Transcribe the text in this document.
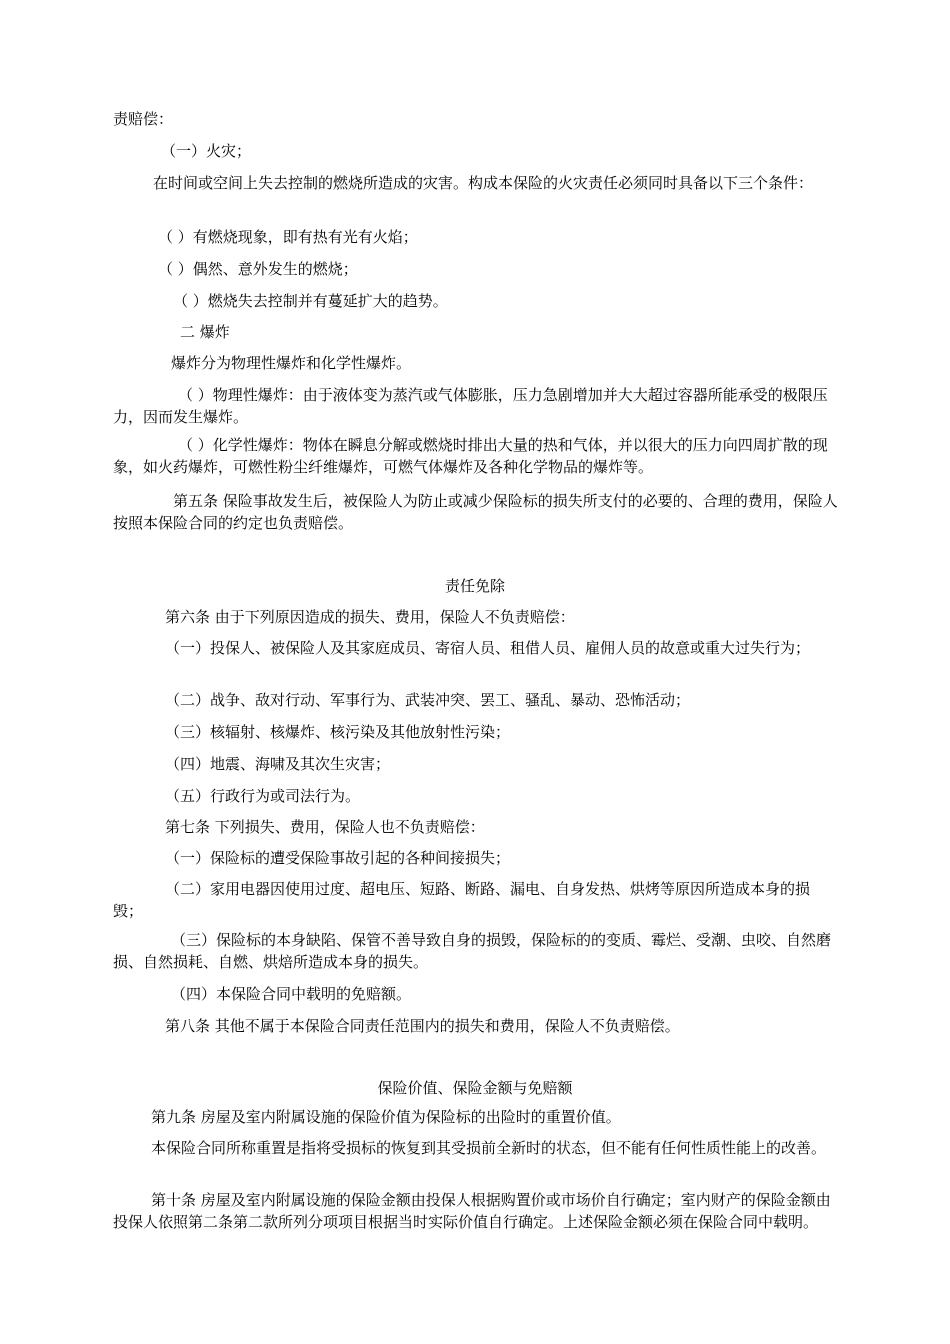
责赔偿：

（一）火灾；

在时间或空间上失去控制的燃烧所造成的灾害。构成本保险的火灾责任必须同时具备以下三个条件：

（ ）有燃烧现象，即有热有光有火焰；

（ ）偶然、意外发生的燃烧；

（ ）燃烧失去控制并有蔓延扩大的趋势。

二 爆炸

爆炸分为物理性爆炸和化学性爆炸。

（ ）物理性爆炸：由于液体变为蒸汽或气体膨胀，压力急剧增加并大大超过容器所能承受的极限压力，因而发生爆炸。

（ ）化学性爆炸：物体在瞬息分解或燃烧时排出大量的热和气体，并以很大的压力向四周扩散的现象，如火药爆炸，可燃性粉尘纤维爆炸，可燃气体爆炸及各种化学物品的爆炸等。

第五条 保险事故发生后，被保险人为防止或减少保险标的损失所支付的必要的、合理的费用，保险人按照本保险合同的约定也负责赔偿。

责任免除

第六条 由于下列原因造成的损失、费用，保险人不负责赔偿：

（一）投保人、被保险人及其家庭成员、寄宿人员、租借人员、雇佣人员的故意或重大过失行为；

（二）战争、敌对行动、军事行为、武装冲突、罢工、骚乱、暴动、恐怖活动；

（三）核辐射、核爆炸、核污染及其他放射性污染；

（四）地震、海啸及其次生灾害；

（五）行政行为或司法行为。

第七条 下列损失、费用，保险人也不负责赔偿：

（一）保险标的遭受保险事故引起的各种间接损失；

（二）家用电器因使用过度、超电压、短路、断路、漏电、自身发热、烘烤等原因所造成本身的损毁；

（三）保险标的本身缺陷、保管不善导致自身的损毁，保险标的的变质、霉烂、受潮、虫咬、自然磨损、自然损耗、自燃、烘焙所造成本身的损失。

（四）本保险合同中载明的免赔额。

第八条 其他不属于本保险合同责任范围内的损失和费用，保险人不负责赔偿。

保险价值、保险金额与免赔额

第九条 房屋及室内附属设施的保险价值为保险标的出险时的重置价值。

本保险合同所称重置是指将受损标的恢复到其受损前全新时的状态，但不能有任何性质性能上的改善。

第十条 房屋及室内附属设施的保险金额由投保人根据购置价或市场价自行确定；室内财产的保险金额由投保人依照第二条第二款所列分项项目根据当时实际价值自行确定。上述保险金额必须在保险合同中载明。
